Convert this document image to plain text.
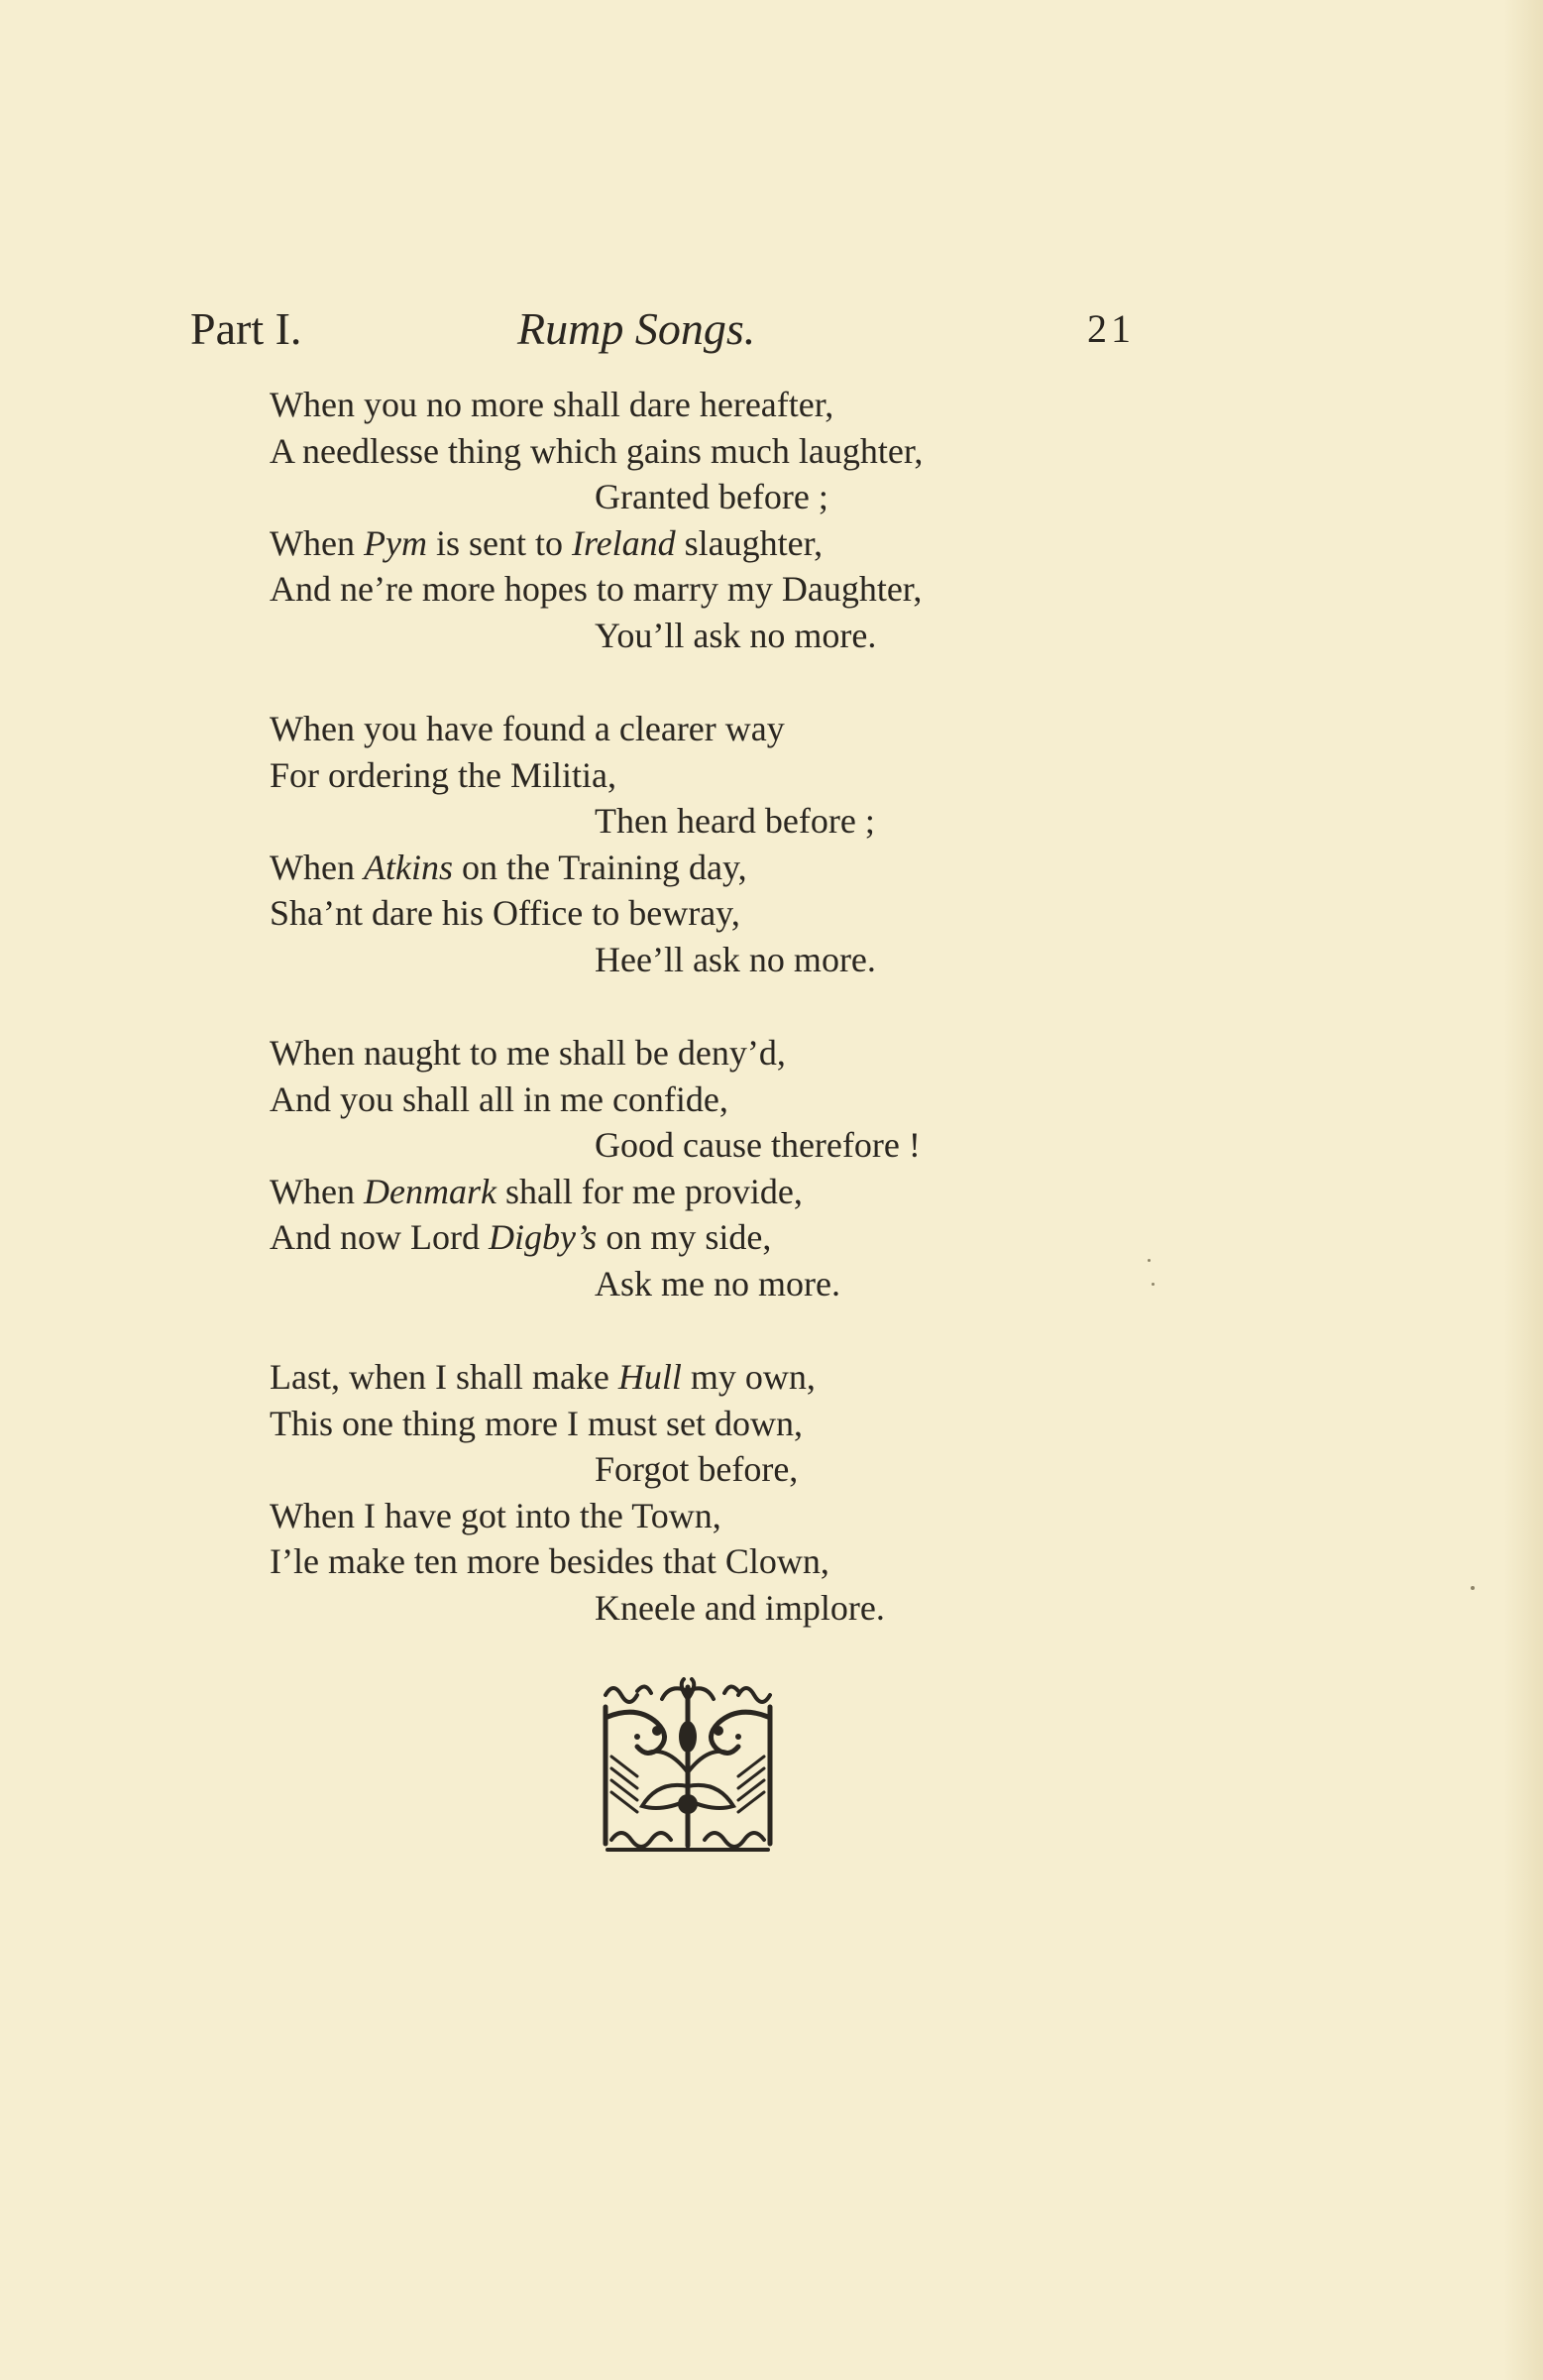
Part I.	Rump Songs.	21
When you no more shall dare hereafter,
A needlesse thing which gains much laughter,
Granted before ;
When Pym is sent to Ireland slaughter,
And ne’re more hopes to marry my Daughter,
You’ll ask no more.
When you have found a clearer way
For ordering the Militia,
Then heard before ;
When Atkins on the Training day,
Sha’nt dare his Office to bewray,
Hee’ll ask no more.
When naught to me shall be deny’d,
And you shall all in me confide,
Good cause therefore !
When Denmark shall for me provide,
And now Lord Digby’s on my side,
Ask me no more.
Last, when I shall make Hull my own,
This one thing more I must set down,
Forgot before,
When I have got into the Town,
I’le make ten more besides that Clown,
Kneele and implore.
